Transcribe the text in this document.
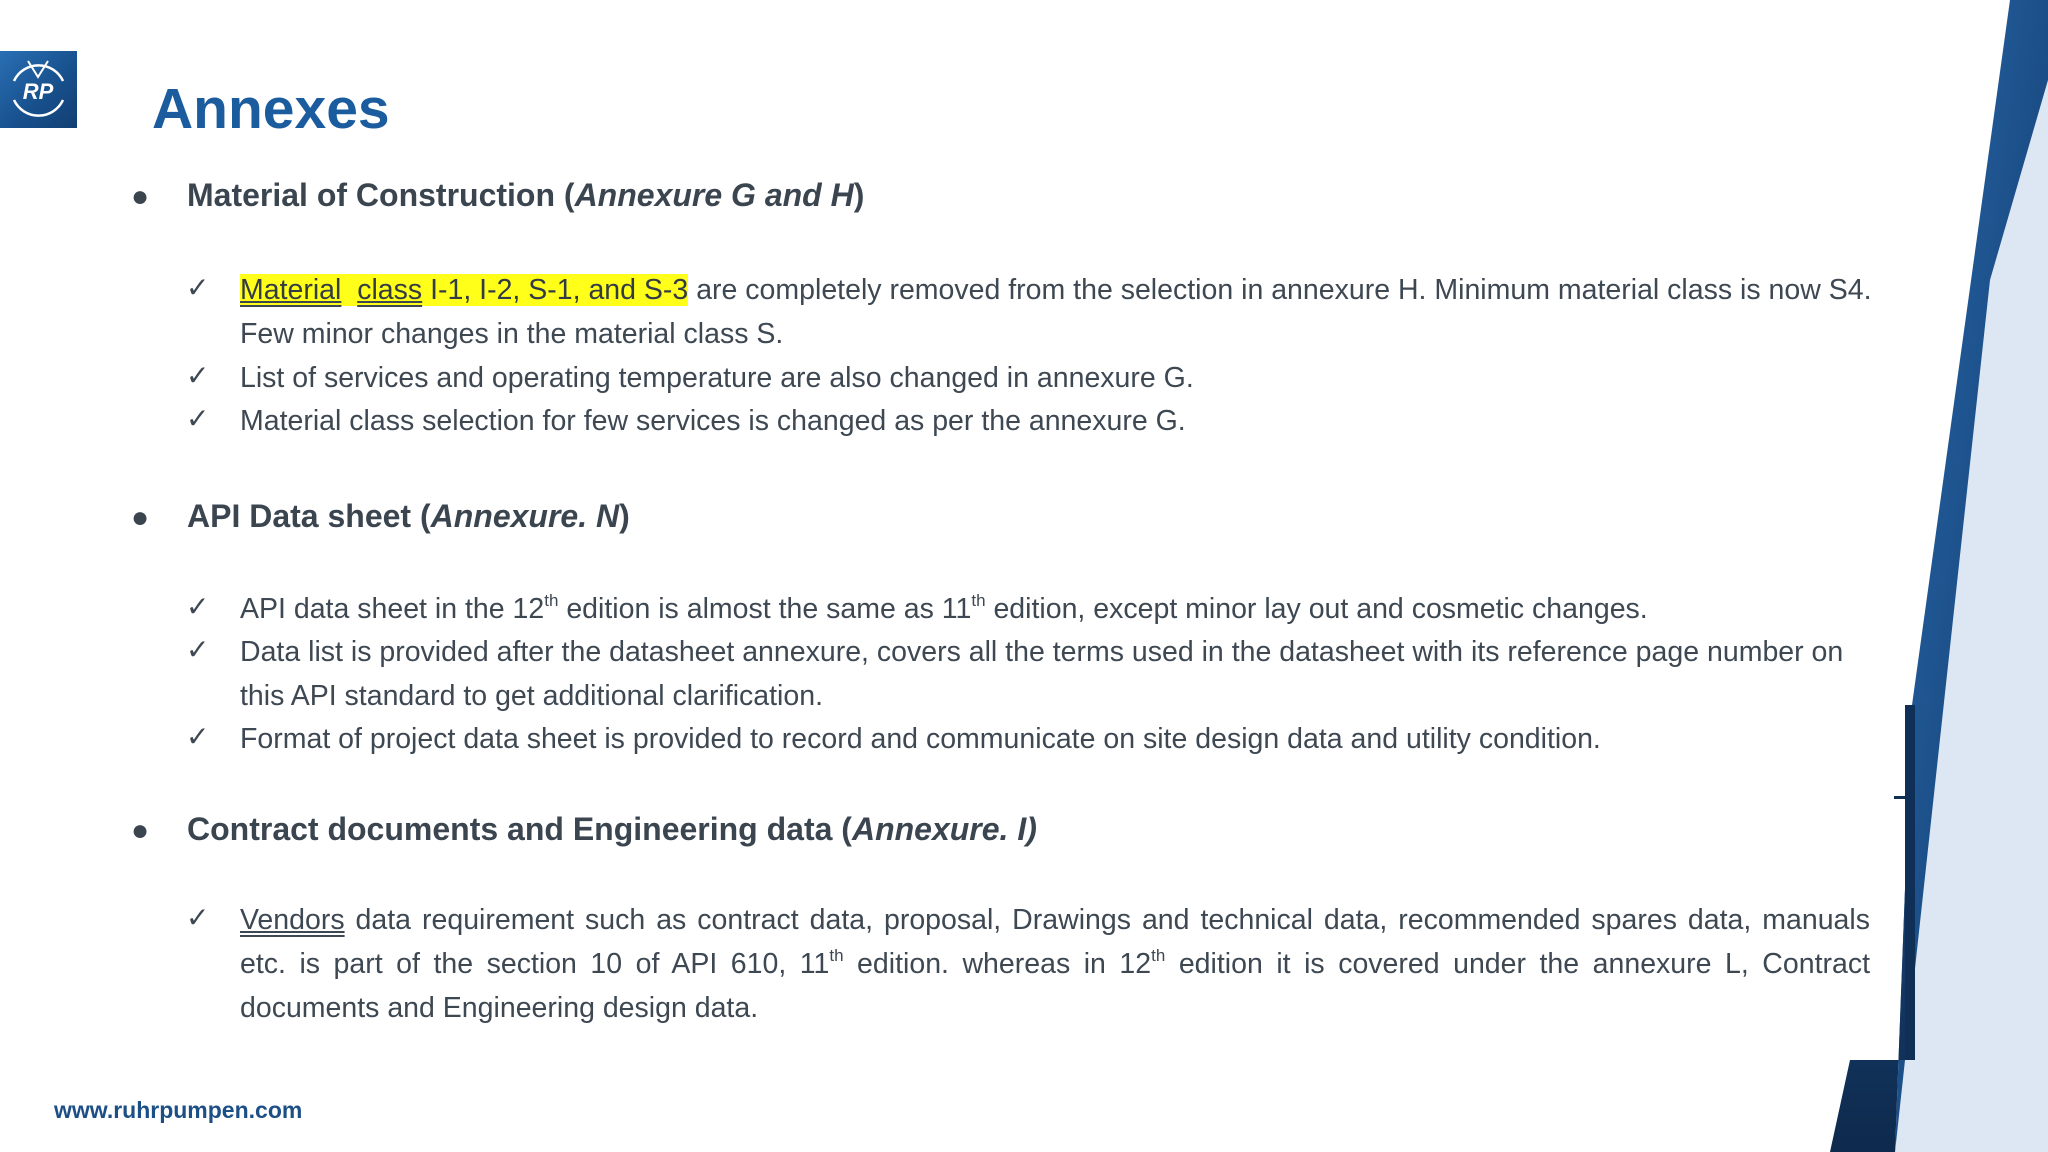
RP Annexes
● Material of Construction (Annexure G and H)
✓ Material class I-1, I-2, S-1, and S-3 are completely removed from the selection in annexure H. Minimum material class is now S4. Few minor changes in the material class S.
✓ List of services and operating temperature are also changed in annexure G.
✓ Material class selection for few services is changed as per the annexure G.
● API Data sheet (Annexure. N)
✓ API data sheet in the 12th edition is almost the same as 11th edition, except minor lay out and cosmetic changes.
✓ Data list is provided after the datasheet annexure, covers all the terms used in the datasheet with its reference page number on this API standard to get additional clarification.
✓ Format of project data sheet is provided to record and communicate on site design data and utility condition.
● Contract documents and Engineering data (Annexure. I)
✓ Vendors data requirement such as contract data, proposal, Drawings and technical data, recommended spares data, manuals etc. is part of the section 10 of API 610, 11th edition. whereas in 12th edition it is covered under the annexure L, Contract documents and Engineering design data.
www.ruhrpumpen.com
